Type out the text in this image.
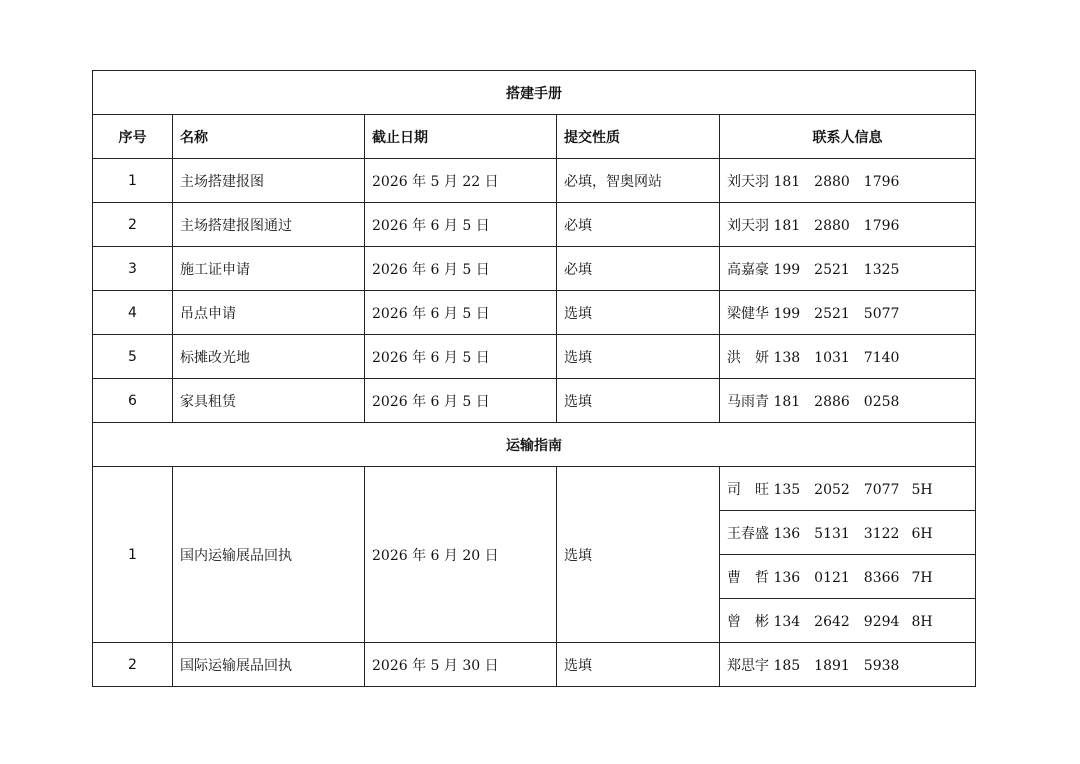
搭建手册				
序号	名称	截止日期	提交性质	联系人信息
1	主场搭建报图	2026 年 5 月 22 日	必填，智奥网站	刘天羽 181　2880　1796
2	主场搭建报图通过	2026 年 6 月 5 日	必填	刘天羽 181　2880　1796
3	施工证申请	2026 年 6 月 5 日	必填	高嘉豪 199　2521　1325
4	吊点申请	2026 年 6 月 5 日	选填	梁健华 199　2521　5077
5	标摊改光地	2026 年 6 月 5 日	选填	洪　妍 138　1031　7140
6	家具租赁	2026 年 6 月 5 日	选填	马雨青 181　2886　0258
运输指南				
1	国内运输展品回执	2026 年 6 月 20 日	选填	司　旺 135　2052　7077 5H
				王春盛 136　5131　3122 6H
				曹　哲 136　0121　8366 7H
				曾　彬 134　2642　9294 8H
2	国际运输展品回执	2026 年 5 月 30 日	选填	郑思宇 185　1891　5938
